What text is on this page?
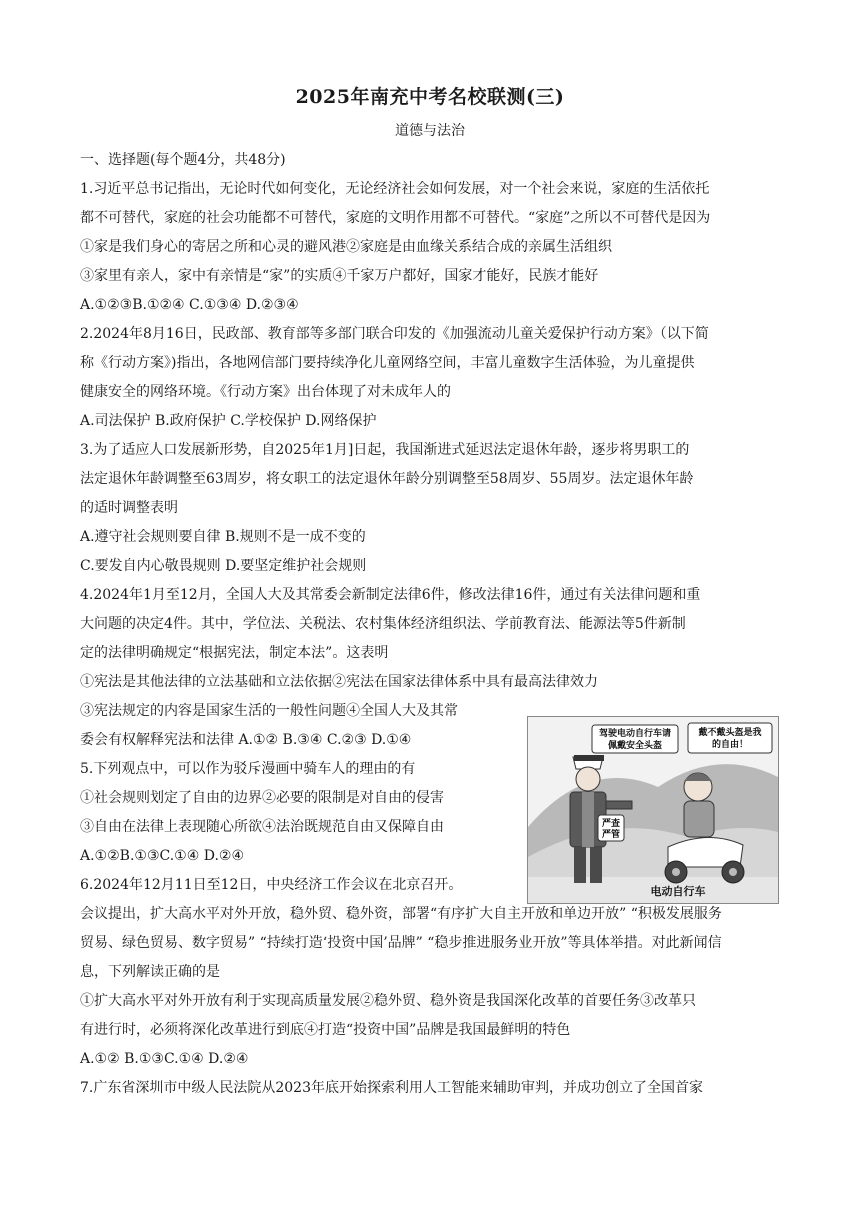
2025年南充中考名校联测(三)
道德与法治
一、选择题(每个题4分，共48分)
1.习近平总书记指出，无论时代如何变化，无论经济社会如何发展，对一个社会来说，家庭的生活依托
都不可替代，家庭的社会功能都不可替代，家庭的文明作用都不可替代。“家庭”之所以不可替代是因为
①家是我们身心的寄居之所和心灵的避风港②家庭是由血缘关系结合成的亲属生活组织
③家里有亲人，家中有亲情是“家”的实质④千家万户都好，国家才能好，民族才能好
A.①②③B.①②④ C.①③④ D.②③④
2.2024年8月16日，民政部、教育部等多部门联合印发的《加强流动儿童关爱保护行动方案》（以下简
称《行动方案》)指出，各地网信部门要持续净化儿童网络空间，丰富儿童数字生活体验，为儿童提供
健康安全的网络环境。《行动方案》出台体现了对未成年人的
A.司法保护 B.政府保护 C.学校保护 D.网络保护
3.为了适应人口发展新形势，自2025年1月]日起，我国渐进式延迟法定退休年龄，逐步将男职工的
法定退休年龄调整至63周岁，将女职工的法定退休年龄分别调整至58周岁、55周岁。法定退休年龄
的适时调整表明
A.遵守社会规则要自律 B.规则不是一成不变的
C.要发自内心敬畏规则 D.要坚定维护社会规则
4.2024年1月至12月，全国人大及其常委会新制定法律6件，修改法律16件，通过有关法律问题和重
大问题的决定4件。其中，学位法、关税法、农村集体经济组织法、学前教育法、能源法等5件新制
定的法律明确规定“根据宪法，制定本法”。这表明
①宪法是其他法律的立法基础和立法依据②宪法在国家法律体系中具有最高法律效力
③宪法规定的内容是国家生活的一般性问题④全国人大及其常
委会有权解释宪法和法律 A.①② B.③④ C.②③ D.①④
5.下列观点中，可以作为驳斥漫画中骑车人的理由的有
①社会规则划定了自由的边界②必要的限制是对自由的侵害
③自由在法律上表现随心所欲④法治既规范自由又保障自由
A.①②B.①③C.①④ D.②④
6.2024年12月11日至12日，中央经济工作会议在北京召开。
会议提出，扩大高水平对外开放，稳外贸、稳外资，部署“有序扩大自主开放和单边开放” “积极发展服务
贸易、绿色贸易、数字贸易” “持续打造‘投资中国’品牌” “稳步推进服务业开放”等具体举措。对此新闻信
息，下列解读正确的是
①扩大高水平对外开放有利于实现高质量发展②稳外贸、稳外资是我国深化改革的首要任务③改革只
有进行时，必须将深化改革进行到底④打造“投资中国”品牌是我国最鲜明的特色
A.①② B.①③C.①④ D.②④
7.广东省深圳市中级人民法院从2023年底开始探索利用人工智能来辅助审判，并成功创立了全国首家
严查
严管
驾驶电动自行车请
佩戴安全头盔
戴不戴头盔是我
的自由！
电动自行车
